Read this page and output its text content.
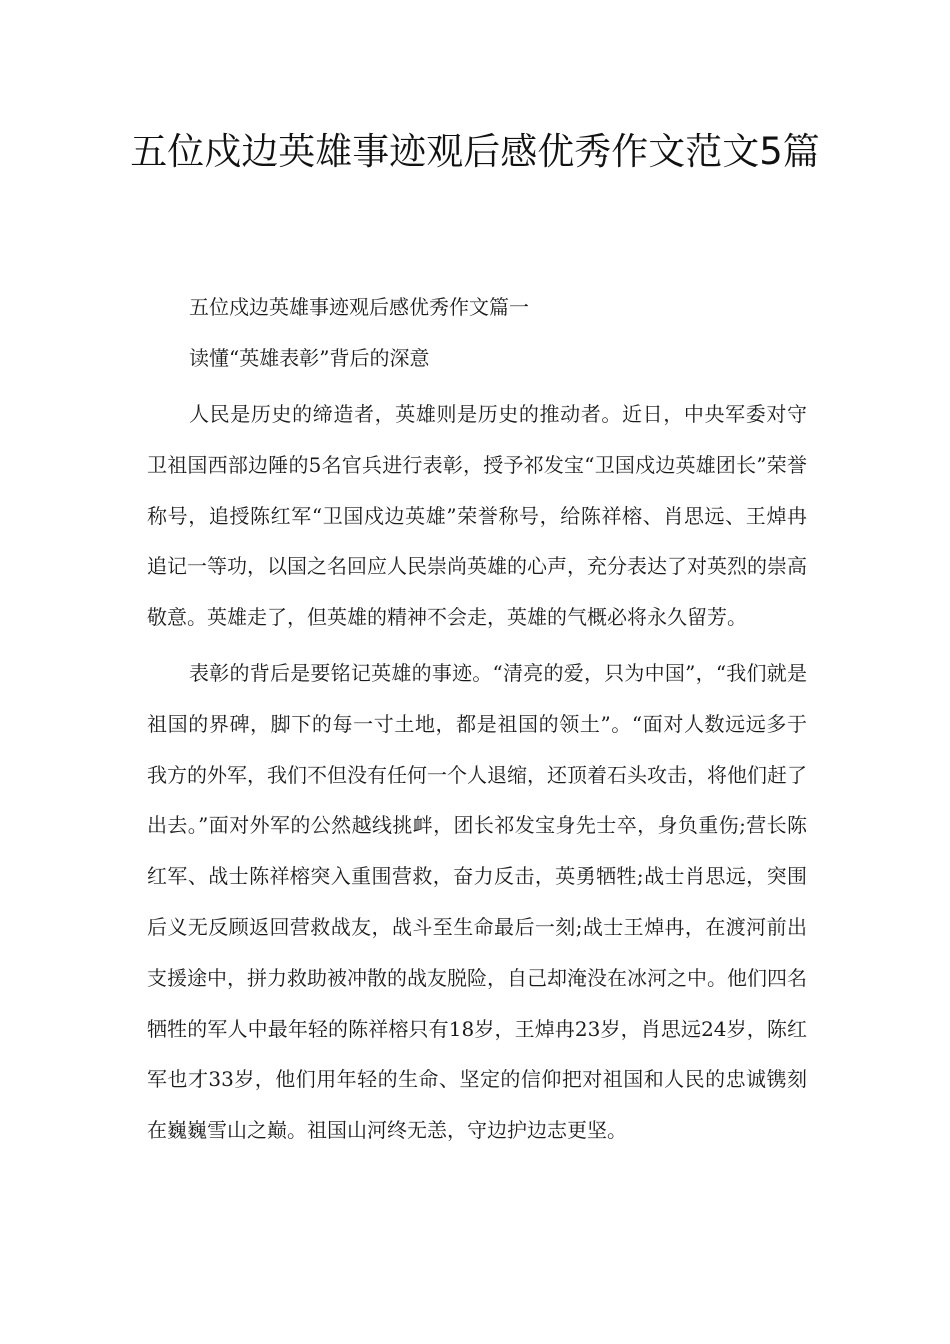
五位戍边英雄事迹观后感优秀作文范文5篇

五位戍边英雄事迹观后感优秀作文篇一

读懂“英雄表彰”背后的深意

人民是历史的缔造者，英雄则是历史的推动者。近日，中央军委对守卫祖国西部边陲的5名官兵进行表彰，授予祁发宝“卫国戍边英雄团长”荣誉称号，追授陈红军“卫国戍边英雄”荣誉称号，给陈祥榕、肖思远、王焯冉追记一等功，以国之名回应人民崇尚英雄的心声，充分表达了对英烈的崇高敬意。英雄走了，但英雄的精神不会走，英雄的气概必将永久留芳。

表彰的背后是要铭记英雄的事迹。“清亮的爱，只为中国”，“我们就是祖国的界碑，脚下的每一寸土地，都是祖国的领土”。“面对人数远远多于我方的外军，我们不但没有任何一个人退缩，还顶着石头攻击，将他们赶了出去。”面对外军的公然越线挑衅，团长祁发宝身先士卒，身负重伤;营长陈红军、战士陈祥榕突入重围营救，奋力反击，英勇牺牲;战士肖思远，突围后义无反顾返回营救战友，战斗至生命最后一刻;战士王焯冉，在渡河前出支援途中，拼力救助被冲散的战友脱险，自己却淹没在冰河之中。他们四名牺牲的军人中最年轻的陈祥榕只有18岁，王焯冉23岁，肖思远24岁，陈红军也才33岁，他们用年轻的生命、坚定的信仰把对祖国和人民的忠诚镌刻在巍巍雪山之巅。祖国山河终无恙，守边护边志更坚。
